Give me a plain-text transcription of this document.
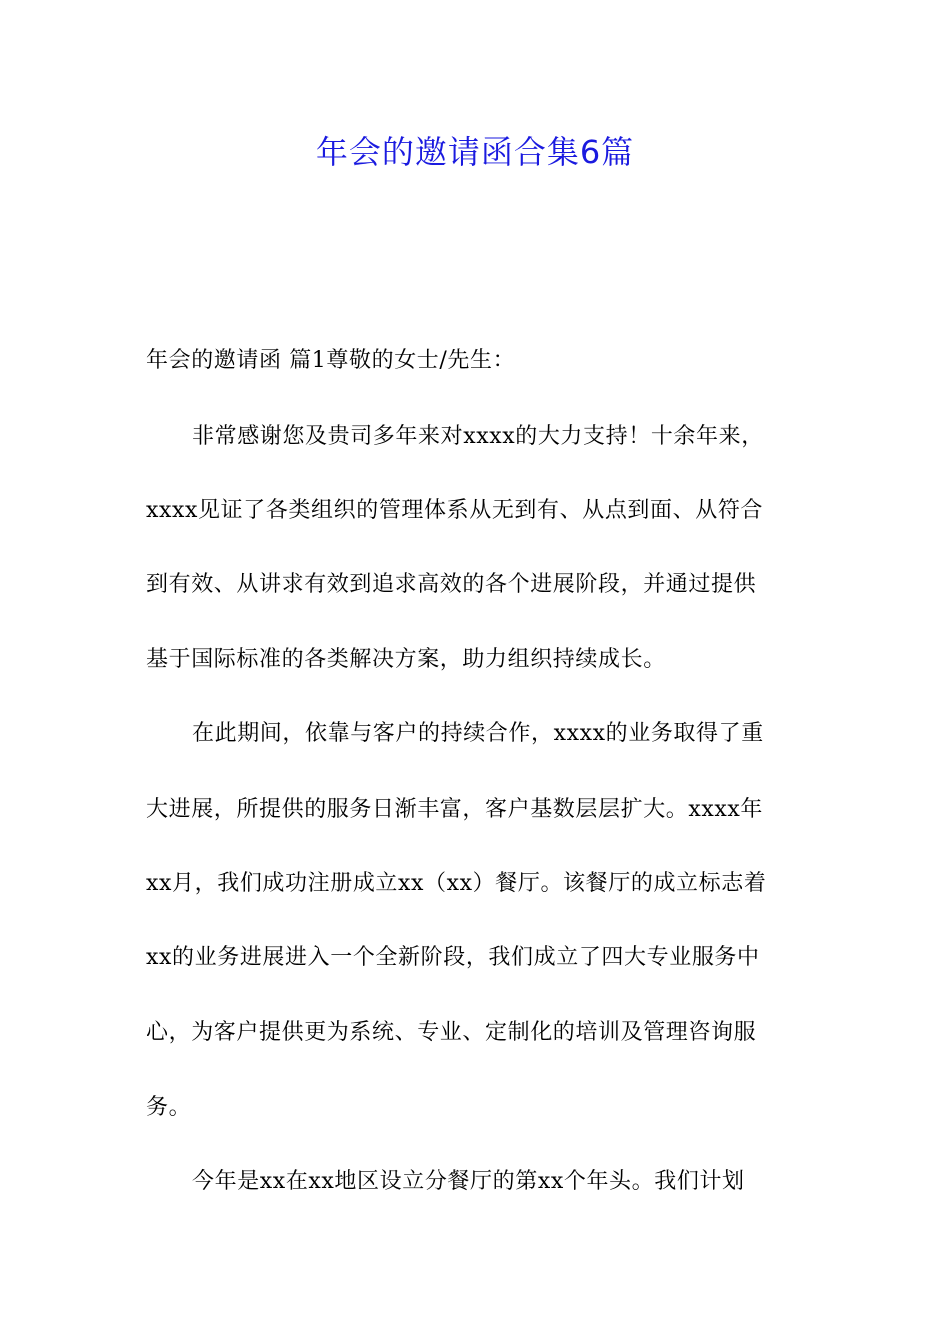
年会的邀请函合集6篇
年会的邀请函 篇1尊敬的女士/先生：
非常感谢您及贵司多年来对xxxx的大力支持！十余年来，
xxxx见证了各类组织的管理体系从无到有、从点到面、从符合
到有效、从讲求有效到追求高效的各个进展阶段，并通过提供
基于国际标准的各类解决方案，助力组织持续成长。
在此期间，依靠与客户的持续合作，xxxx的业务取得了重
大进展，所提供的服务日渐丰富，客户基数层层扩大。xxxx年
xx月，我们成功注册成立xx（xx）餐厅。该餐厅的成立标志着
xx的业务进展进入一个全新阶段，我们成立了四大专业服务中
心，为客户提供更为系统、专业、定制化的培训及管理咨询服
务。
今年是xx在xx地区设立分餐厅的第xx个年头。我们计划
